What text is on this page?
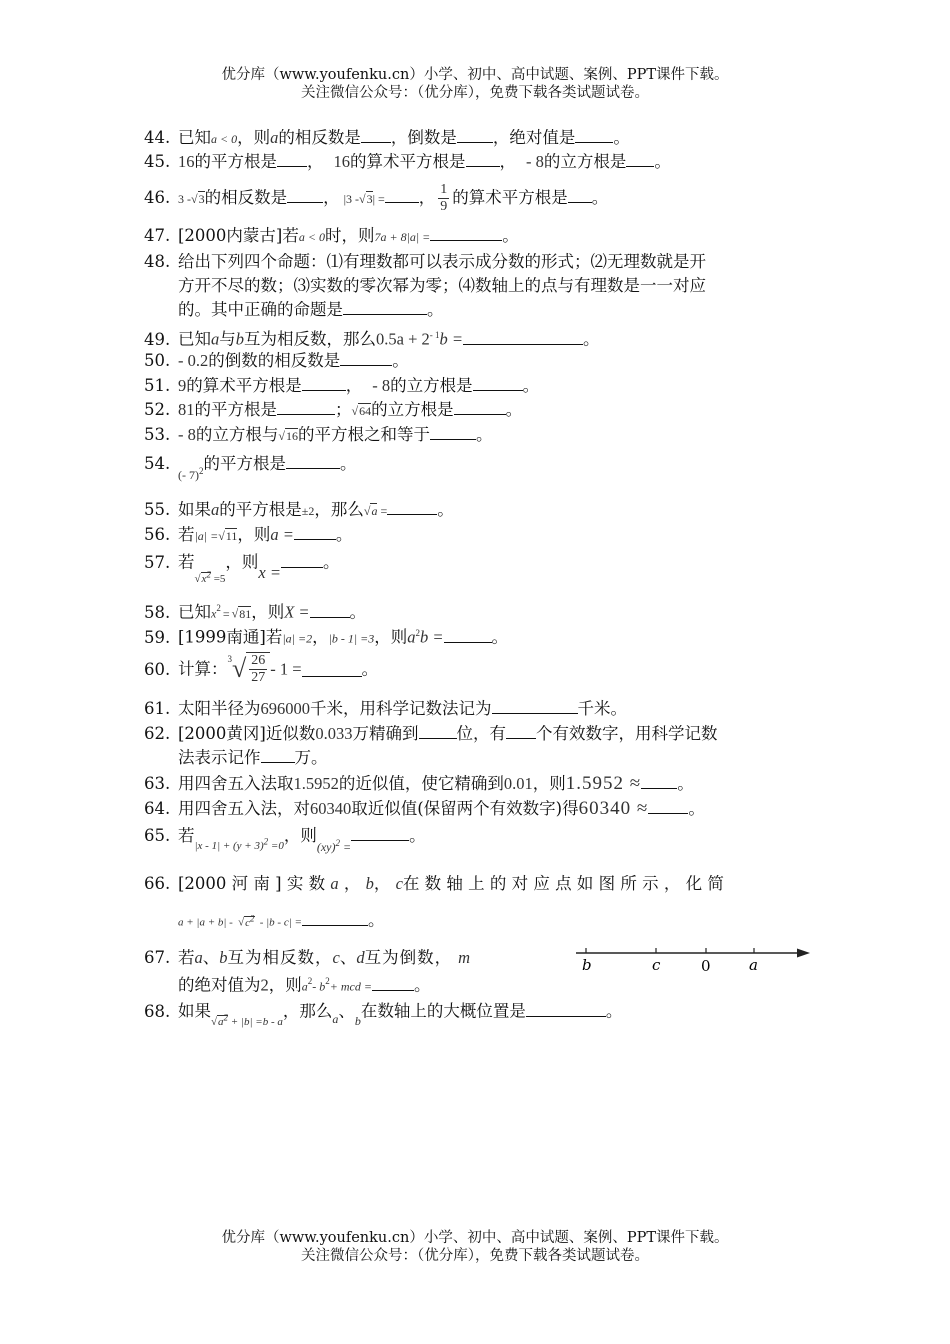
优分库（www.youfenku.cn）小学、初中、高中试题、案例、PPT课件下载。
关注微信公众号：（优分库），免费下载各类试题试卷。
44. 已知a < 0，则a的相反数是 ，倒数是 ，绝对值是 。
45. 16的平方根是 ， 16的算术平方根是 ， - 8的立方根是 。
46. 3 -√3的相反数是 ， |3 -√3| = ， $\frac{1}{9}$ 的算术平方根是 。
47. [2000内蒙古]若a < 0时，则7a + 8|a| =	。
48. 给出下列四个命题：⑴有理数都可以表示成分数的形式；⑵无理数就是开
方开不尽的数；⑶实数的零次幂为零；⑷数轴上的点与有理数是一一对应
的。其中正确的命题是	。
49. 已知a与b互为相反数，那么$0.5a + 2^{- 1}b$ =	。
50. - 0.2的倒数的相反数是	。
51. 9的算术平方根是	， - 8的立方根是	。
52. 81的平方根是	；√64的立方根是	。
53. - 8的立方根与√16的平方根之和等于	。
$54._{(- 7)^2}$的平方根是	。
55. 如果a的平方根是±2，那么√a =	。
56. 若|a| =√11，则a =	。
57. 若$_{√x^2 =5}$，则x =。
58. 已知$x^2 = √81$，则X = 。
59. [1999南通]若|a| =2，|b - 1| =3，则$a^2b$ =	。
60. 计算：$^3√ \frac{26}{27} - 1$ =	。
61. 太阳半径为696000千米，用科学记数法记为	千米。
62. [2000黄冈]近似数0.033万精确到 位，有 个有效数字，用科学记数
法表示记作 万。
63. 用四舍五入法取1.5952的近似值，使它精确到0.01，则1.5952 ≈ 。
64. 用四舍五入法，对60340取近似值(保留两个有效数字)得60340 ≈ 。
65. 若$_{|x - 1| + (y + 3)^2 =0}$，则$_{(xy)^2 =}$。
66. [2000 河 南 ] 实 数 a ， b， c在 数 轴 上 的 对 应 点 如 图 所 示 ， 化 简
$a + |a + b| - √c^2 - |b - c|$ =	。
67. 若a、b互为相反数，c、d互为倒数， m
的绝对值为2，则$a^2-$ $b^2+$ mcd =	。
b	c	0	a
68. 如果$_{√a^2 + |b| =b - a}$，那么$_a$、$_b$在数轴上的大概位置是	。
优分库（www.youfenku.cn）小学、初中、高中试题、案例、PPT课件下载。
关注微信公众号：（优分库），免费下载各类试题试卷。
